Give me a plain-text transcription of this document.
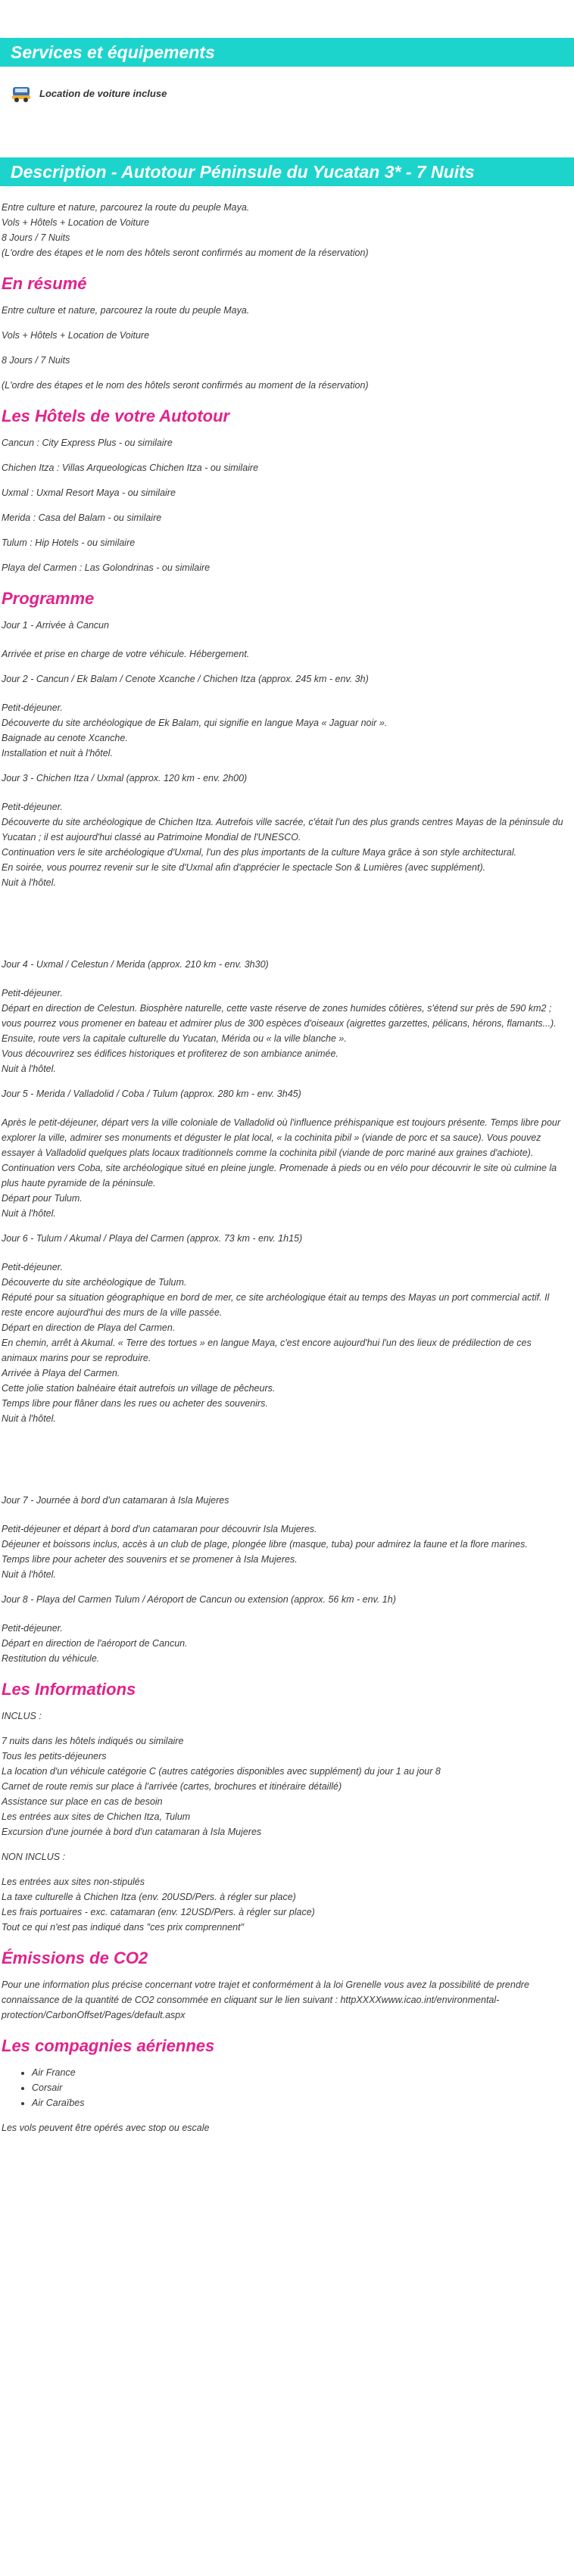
Services et équipements
Location de voiture incluse
Description - Autotour Péninsule du Yucatan 3* - 7 Nuits

Entre culture et nature, parcourez la route du peuple Maya.

Vols + Hôtels + Location de Voiture

8 Jours / 7 Nuits

(L'ordre des étapes et le nom des hôtels seront confirmés au moment de la réservation)

En résumé

Entre culture et nature, parcourez la route du peuple Maya.

Vols + Hôtels + Location de Voiture

8 Jours / 7 Nuits

(L'ordre des étapes et le nom des hôtels seront confirmés au moment de la réservation)

Les Hôtels de votre Autotour

Cancun : City Express Plus - ou similaire

Chichen Itza : Villas Arqueologicas Chichen Itza - ou similaire

Uxmal : Uxmal Resort Maya - ou similaire

Merida : Casa del Balam - ou similaire

Tulum : Hip Hotels - ou similaire

Playa del Carmen : Las Golondrinas - ou similaire

Programme

Jour 1 - Arrivée à Cancun

Arrivée et prise en charge de votre véhicule. Hébergement.

Jour 2 - Cancun / Ek Balam / Cenote Xcanche / Chichen Itza (approx. 245 km - env. 3h)

Petit-déjeuner.

Découverte du site archéologique de Ek Balam, qui signifie en langue Maya « Jaguar noir ».

Baignade au cenote Xcanche.

Installation et nuit à l'hôtel.

Jour 3 - Chichen Itza / Uxmal (approx. 120 km - env. 2h00)

Petit-déjeuner.

Découverte du site archéologique de Chichen Itza. Autrefois ville sacrée, c'était l'un des plus grands centres Mayas de la péninsule du Yucatan ; il est aujourd'hui classé au Patrimoine Mondial de l'UNESCO.

Continuation vers le site archéologique d'Uxmal, l'un des plus importants de la culture Maya grâce à son style architectural.

En soirée, vous pourrez revenir sur le site d'Uxmal afin d'apprécier le spectacle Son & Lumières (avec supplément).

Nuit à l'hôtel.

Jour 4 - Uxmal / Celestun / Merida (approx. 210 km - env. 3h30)

Petit-déjeuner.

Départ en direction de Celestun. Biosphère naturelle, cette vaste réserve de zones humides côtières, s'étend sur près de 590 km2 ; vous pourrez vous promener en bateau et admirer plus de 300 espèces d'oiseaux (aigrettes garzettes, pélicans, hérons, flamants...).

Ensuite, route vers la capitale culturelle du Yucatan, Mérida ou « la ville blanche ».

Vous découvrirez ses édifices historiques et profiterez de son ambiance animée.

Nuit à l'hôtel.

Jour 5 - Merida / Valladolid / Coba / Tulum (approx. 280 km - env. 3h45)

Après le petit-déjeuner, départ vers la ville coloniale de Valladolid où l'influence préhispanique est toujours présente. Temps libre pour explorer la ville, admirer ses monuments et déguster le plat local, « la cochinita pibil » (viande de porc et sa sauce). Vous pouvez essayer à Valladolid quelques plats locaux traditionnels comme la cochinita pibil (viande de porc mariné aux graines d'achiote).

Continuation vers Coba, site archéologique situé en pleine jungle. Promenade à pieds ou en vélo pour découvrir le site où culmine la plus haute pyramide de la péninsule.

Départ pour Tulum.

Nuit à l'hôtel.

Jour 6 - Tulum / Akumal / Playa del Carmen (approx. 73 km - env. 1h15)

Petit-déjeuner.

Découverte du site archéologique de Tulum.

Réputé pour sa situation géographique en bord de mer, ce site archéologique était au temps des Mayas un port commercial actif. Il reste encore aujourd'hui des murs de la ville passée.

Départ en direction de Playa del Carmen.

En chemin, arrêt à Akumal. « Terre des tortues » en langue Maya, c'est encore aujourd'hui l'un des lieux de prédilection de ces animaux marins pour se reproduire.

Arrivée à Playa del Carmen.

Cette jolie station balnéaire était autrefois un village de pêcheurs.

Temps libre pour flâner dans les rues ou acheter des souvenirs.

Nuit à l'hôtel.

Jour 7 - Journée à bord d'un catamaran à Isla Mujeres

Petit-déjeuner et départ à bord d'un catamaran pour découvrir Isla Mujeres.

Déjeuner et boissons inclus, accès à un club de plage, plongée libre (masque, tuba) pour admirez la faune et la flore marines.

Temps libre pour acheter des souvenirs et se promener à Isla Mujeres.

Nuit à l'hôtel.

Jour 8 - Playa del Carmen Tulum / Aéroport de Cancun ou extension (approx. 56 km - env. 1h)

Petit-déjeuner.

Départ en direction de l'aéroport de Cancun.

Restitution du véhicule.

Les Informations

INCLUS :

7 nuits dans les hôtels indiqués ou similaire

Tous les petits-déjeuners

La location d'un véhicule catégorie C (autres catégories disponibles avec supplément) du jour 1 au jour 8

Carnet de route remis sur place à l'arrivée (cartes, brochures et itinéraire détaillé)

Assistance sur place en cas de besoin

Les entrées aux sites de Chichen Itza, Tulum

Excursion d'une journée à bord d'un catamaran à Isla Mujeres

NON INCLUS :

Les entrées aux sites non-stipulés

La taxe culturelle à Chichen Itza (env. 20USD/Pers. à régler sur place)

Les frais portuaires - exc. catamaran (env. 12USD/Pers. à régler sur place)

Tout ce qui n'est pas indiqué dans "ces prix comprennent"

Émissions de CO2

Pour une information plus précise concernant votre trajet et conformément à la loi Grenelle vous avez la possibilité de prendre connaissance de la quantité de CO2 consommée en cliquant sur le lien suivant : httpXXXXwww.icao.int/environmental-protection/CarbonOffset/Pages/default.aspx

Les compagnies aériennes
• Air France
• Corsair
• Air Caraïbes

Les vols peuvent être opérés avec stop ou escale
